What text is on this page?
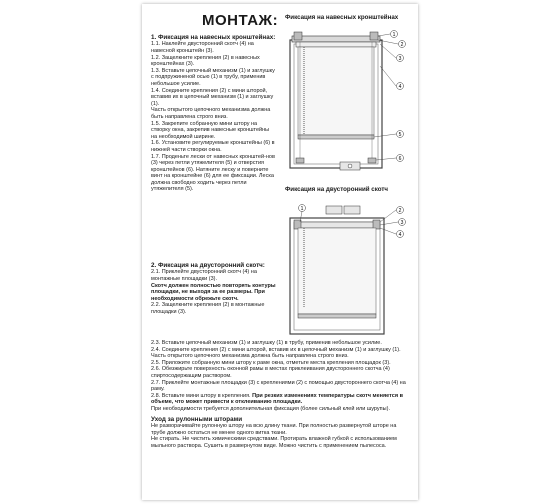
МОНТАЖ:
1. Фиксация на навесных кронштейнах:

1.1. Наклейте двусторонний скотч (4) на навесной кронштейн (3).

1.2. Защелкните крепления (2) в навесных кронштейнах (3).

1.3. Вставьте цепочный механизм (1) и заглушку с подпружиненой осью (1) в трубу, применив небольшое усилие.

1.4. Соедините крепления (2) с мини шторой, вставив их в цепочный механизм (1) и заглушку (1).

Часть открытого цепочного механизма должна быть направлена строго вниз.

1.5. Закрепите собранную мини штору на створку окна, закрепив навесные кронштейны на необходимой ширине.

1.6. Установите регулируемые кронштейны (6) в нижней части створки окна.

1.7. Проденьте лески от навесных кронштей-нов (3) через петли утяжелителя (5) и отверстия кронштейнов (6). Натяните леску и поверните винт на кронштейне (6) для ее фиксации. Леска должна свободно ходить через петли утяжелителя (5).

2. Фиксация на двусторонний скотч:

2.1. Приклейте двусторонний скотч (4) на монтажные площадки (3).

Скотч должен полностью повторять контуры площадки, не выходя за ее размеры. При необходимости обрежьте скотч.

2.2. Защелкните крепления (2) в монтажные площадки (3).

2.3. Вставьте цепочный механизм (1) и заглушку (1) в трубу, применив небольшое усилие.

2.4. Соедините крепления (2) с мини шторой, вставив их в цепочный механизм (1) и заглушку (1). Часть открытого цепочного механизма должна быть направлена строго вниз.

2.5. Приложите собранную мини штору к раме окна, отметьте места крепления площадок (3).

2.6. Обезжирьте поверхность оконной рамы в местах приклеивания двустороннего скотча (4) спиртосодержащим раствором.

2.7. Приклейте монтажные площадки (3) с креплениями (2) с помощью двустороннего скотча (4) на раму.

2.8. Вставьте мини штору в крепления. При резких изменениях температуры скотч меняется в объеме, что может привести к отклеиванию площадки.

При необходимости требуется дополнительная фиксация (более сильный клей или шурупы).

Уход за рулонными шторами

Не разворачивайте рулонную штору на всю длину ткани. При полностью развернутой шторе на трубе должно остаться не менее одного витка ткани.

Не стирать. Не чистить химическими средствами. Протирать влажной губкой с использованием мыльного раствора. Сушить в развернутом виде. Можно чистить с применением пылесоса.

Фиксация на навесных кронштейнах
1
2
3
4
5
6
Фиксация на двусторонний скотч
1	2
3
4
